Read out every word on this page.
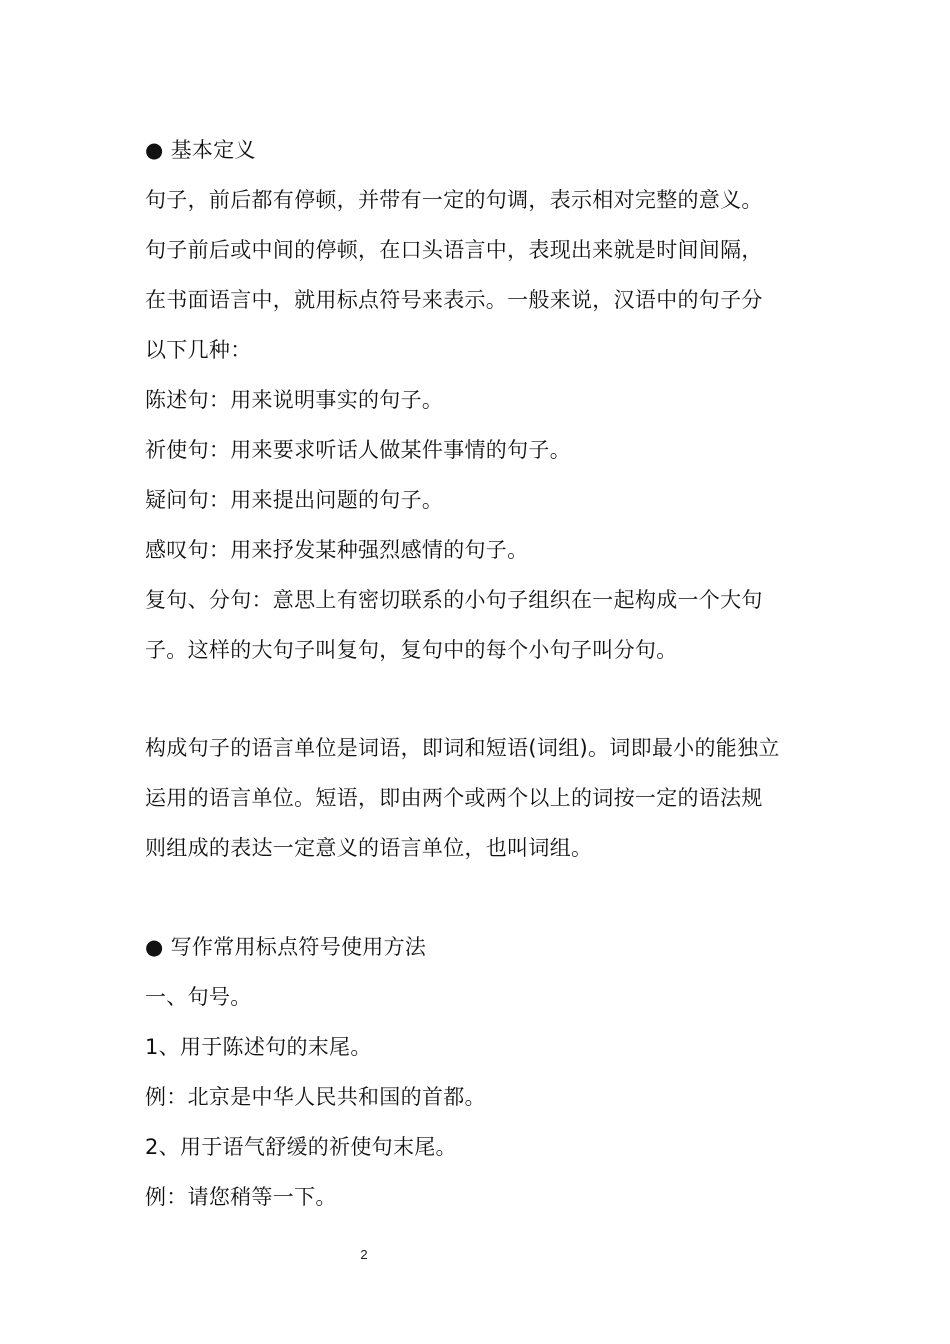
● 基本定义
句子，前后都有停顿，并带有一定的句调，表示相对完整的意义。
句子前后或中间的停顿，在口头语言中，表现出来就是时间间隔，
在书面语言中，就用标点符号来表示。一般来说，汉语中的句子分
以下几种：
陈述句：用来说明事实的句子。
祈使句：用来要求听话人做某件事情的句子。
疑问句：用来提出问题的句子。
感叹句：用来抒发某种强烈感情的句子。
复句、分句：意思上有密切联系的小句子组织在一起构成一个大句
子。这样的大句子叫复句，复句中的每个小句子叫分句。
构成句子的语言单位是词语，即词和短语(词组)。词即最小的能独立
运用的语言单位。短语，即由两个或两个以上的词按一定的语法规
则组成的表达一定意义的语言单位，也叫词组。
● 写作常用标点符号使用方法
一、句号。
1、用于陈述句的末尾。
例：北京是中华人民共和国的首都。
2、用于语气舒缓的祈使句末尾。
例：请您稍等一下。
2
